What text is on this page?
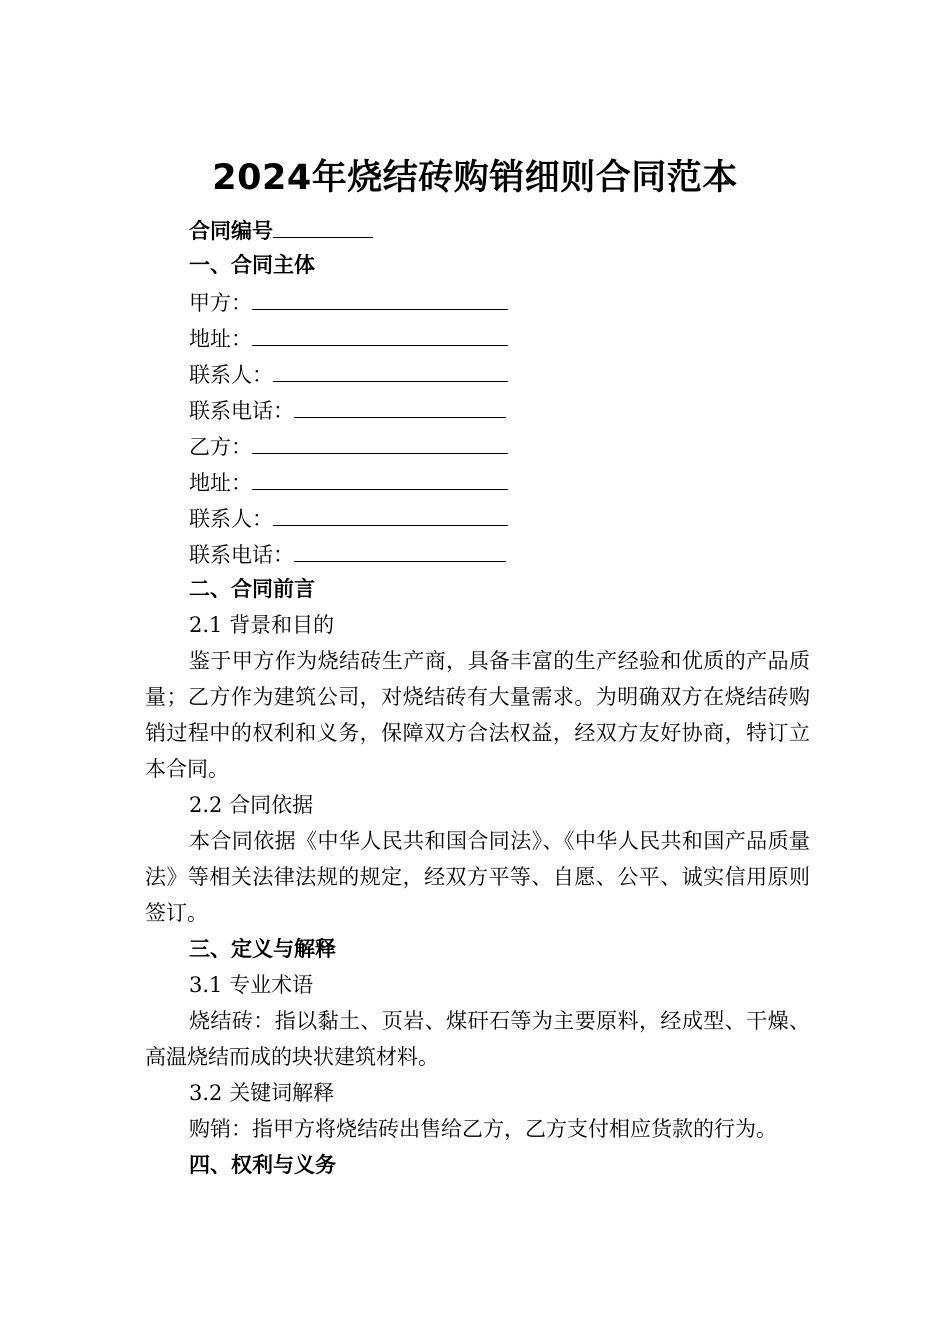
2024年烧结砖购销细则合同范本
合同编号
一、合同主体
甲方：
地址：
联系人：
联系电话：
乙方：
地址：
联系人：
联系电话：
二、合同前言
2.1 背景和目的

鉴于甲方作为烧结砖生产商，具备丰富的生产经验和优质的产品质量；乙方作为建筑公司，对烧结砖有大量需求。为明确双方在烧结砖购销过程中的权利和义务，保障双方合法权益，经双方友好协商，特订立本合同。

2.2 合同依据

本合同依据《中华人民共和国合同法》、《中华人民共和国产品质量法》等相关法律法规的规定，经双方平等、自愿、公平、诚实信用原则签订。

三、定义与解释
3.1 专业术语

烧结砖：指以黏土、页岩、煤矸石等为主要原料，经成型、干燥、高温烧结而成的块状建筑材料。

3.2 关键词解释

购销：指甲方将烧结砖出售给乙方，乙方支付相应货款的行为。

四、权利与义务
